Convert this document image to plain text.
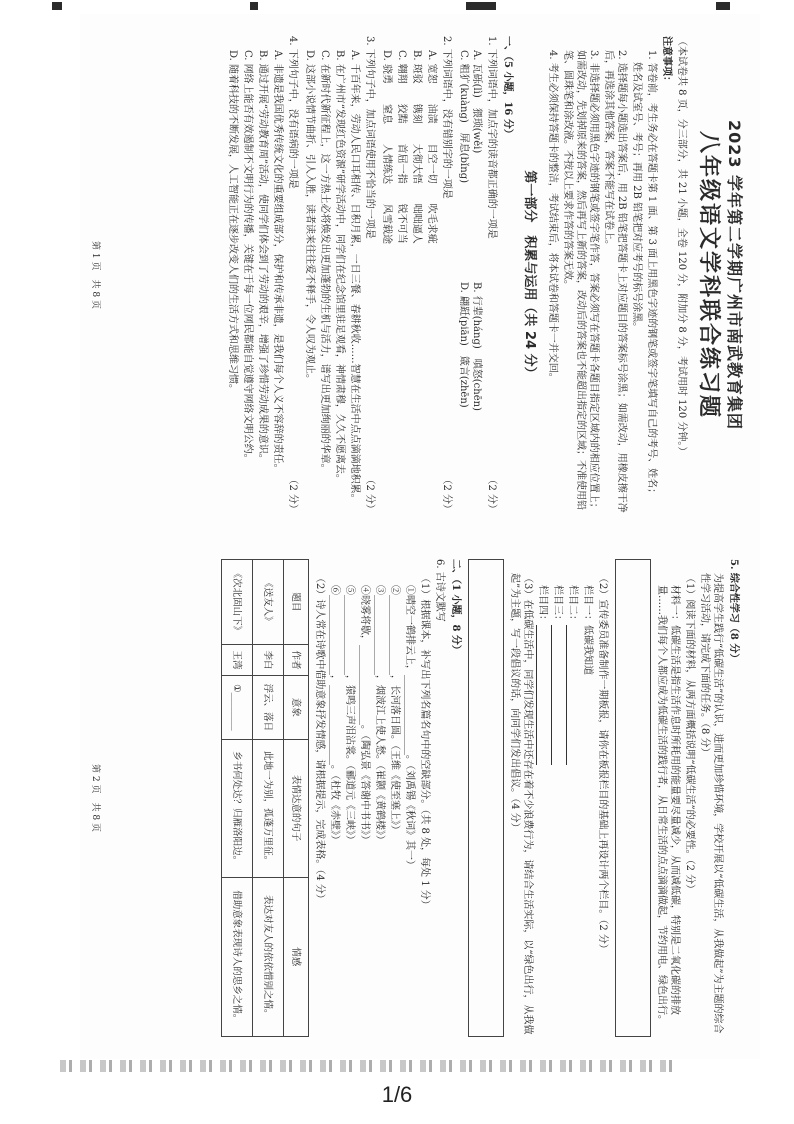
2023 学年第二学期广州市南武教育集团
八年级语文学科联合练习题
（本试卷共 8 页，分三部分，共 21 小题，全卷 120 分，附加分 8 分，考试用时 120 分钟。）
注意事项：
1. 答卷前，考生务必在答题卡第 1 面、第 3 面上用黑色字迹的钢笔或签字笔填写自己的考号、姓名；
姓名及试室号、考号；再用 2B 铅笔把对应考号的标号涂黑。
2. 选择题每小题选出答案后，用 2B 铅笔把答题卡上对应题目的答案标号涂黑；如需改动，用橡皮擦干净后，再选涂其他答案，答案不能写在试卷上。
3. 非选择题必须用黑色字迹的钢笔或签字笔作答，答案必须写在答题卡各题目指定区域内的相应位置上；如需改动，先划掉原来的答案，然后再写上新的答案，改动后的答案也不能超出指定的区域；不准使用铅笔、圆珠笔和涂改液。不按以上要求作答的答案无效。
4. 考生必须保持答题卡的整洁，考试结束后，将本试卷和答题卡一并交回。
第一部分　积累与运用（共 24 分）
一、（5 小题，16 分）
1. 下列词语中，加点字的读音都正确的一项是
（2 分）
A. 瓦砾(lì)　猥琐(wěi)
B. 行辈(háng)　嗔怒(chēn)
C. 粗犷(kuàng)　屏息(bǐng)
D. 翩跹(piān)　箴言(zhēn)
2. 下列词语中，没有错别字的一项是
（2 分）
A. 宽恕　　油渍　　目空一切　　吹毛求疵
B. 斑驳　　镌刻　　大彻大悟　　咄咄逼人
C. 翱翔　　狡黠　　首屈一指　　锐不可当
D. 骁勇　　窒息　　人情练达　　风雪载途
3. 下列句子中，加点词语使用不恰当的一项是
（2 分）
A. 千百年来，劳动人民口耳相传、日积月累，一日三餐、春耕秋收……智慧在生活中点点滴滴地积累。
B. 在广州市“发现红色资源”研学活动中，同学们在纪念馆里驻足观看，神情肃穆，久久不愿离去。
C. 在新时代新征程上，这一方热土必将焕发出更加蓬勃的生机与活力，谱写出更加绚丽的华章。
D. 这部小说情节曲折、引人入胜，读者读来往往爱不释手，令人叹为观止。
4. 下列句子中，没有语病的一项是
（2 分）
A. 非遗是我国优秀传统文化的重要组成部分，保护和传承非遗，是我们每个人义不容辞的责任。
B. 通过开展“劳动教育周”活动，使同学们体会到了劳动的艰辛，增强了珍惜劳动成果的意识。
C. 网络上能否有效遏制不文明行为的传播，关键在于每一位网民都能自觉遵守网络文明公约。
D. 随着科技的不断发展，人工智能正在逐步改变人们的生活方式和思维习惯。
第 1 页　共 8 页
5. 综合性学习（8 分）
为提高学生践行“低碳生活”的认识，进而更加珍惜环境，学校开展以“低碳生活，从我做起”为主题的综合性学习活动，请完成下面的任务。（8 分）
（1）阅读下面的材料，从两方面概括说明“低碳生活”的必要性。（2 分）
材料一：低碳生活是指生活作息时所耗用的能量要尽量减少，从而减低碳，特别是二氧化碳的排放量……我们每个人都应成为低碳生活的践行者，从日常生活的点点滴滴做起，节约用电、绿色出行。
（2）宣传委员准备制作一期板报，请你在板报栏目的基础上再设计两个栏目。（2 分）
栏目一：低碳我知道
栏目二：
栏目三：
栏目四：
（3）在低碳生活中，同学们发现生活中还存在着不少浪费行为，请结合生活实际，以“绿色出行，从我做起”为主题，写一段倡议的话，向同学们发出倡议。（4 分）
二、（1 小题，8 分）
6. 古诗文默写
（1）根据课本，补写出下列名篇名句中的空缺部分。（共 8 处，每处 1 分）
①晴空一鹤排云上，________________。（刘禹锡《秋词》其一）
②________________，长河落日圆。（王维《使至塞上》）
③________________，烟波江上使人愁。（崔颢《黄鹤楼》）
④晓雾将歇，________________。（陶弘景《答谢中书书》）
⑤________________，猿鸣三声泪沾裳。（郦道元《三峡》）
⑥________________，________________。（杜牧《赤壁》）
（2）诗人常在诗歌中借助意象抒发情感，请根据提示，完成表格。（4 分）
题目	作者	意象	表情达意的句子	情感
《送友人》	李白	浮云、落日	此地一为别，孤蓬万里征。	表达对友人的依依惜别之情。
《次北固山下》	王湾	①________	乡书何处达？归雁洛阳边。	借助意象表现诗人的思乡之情。
第 2 页　共 8 页
1/6
